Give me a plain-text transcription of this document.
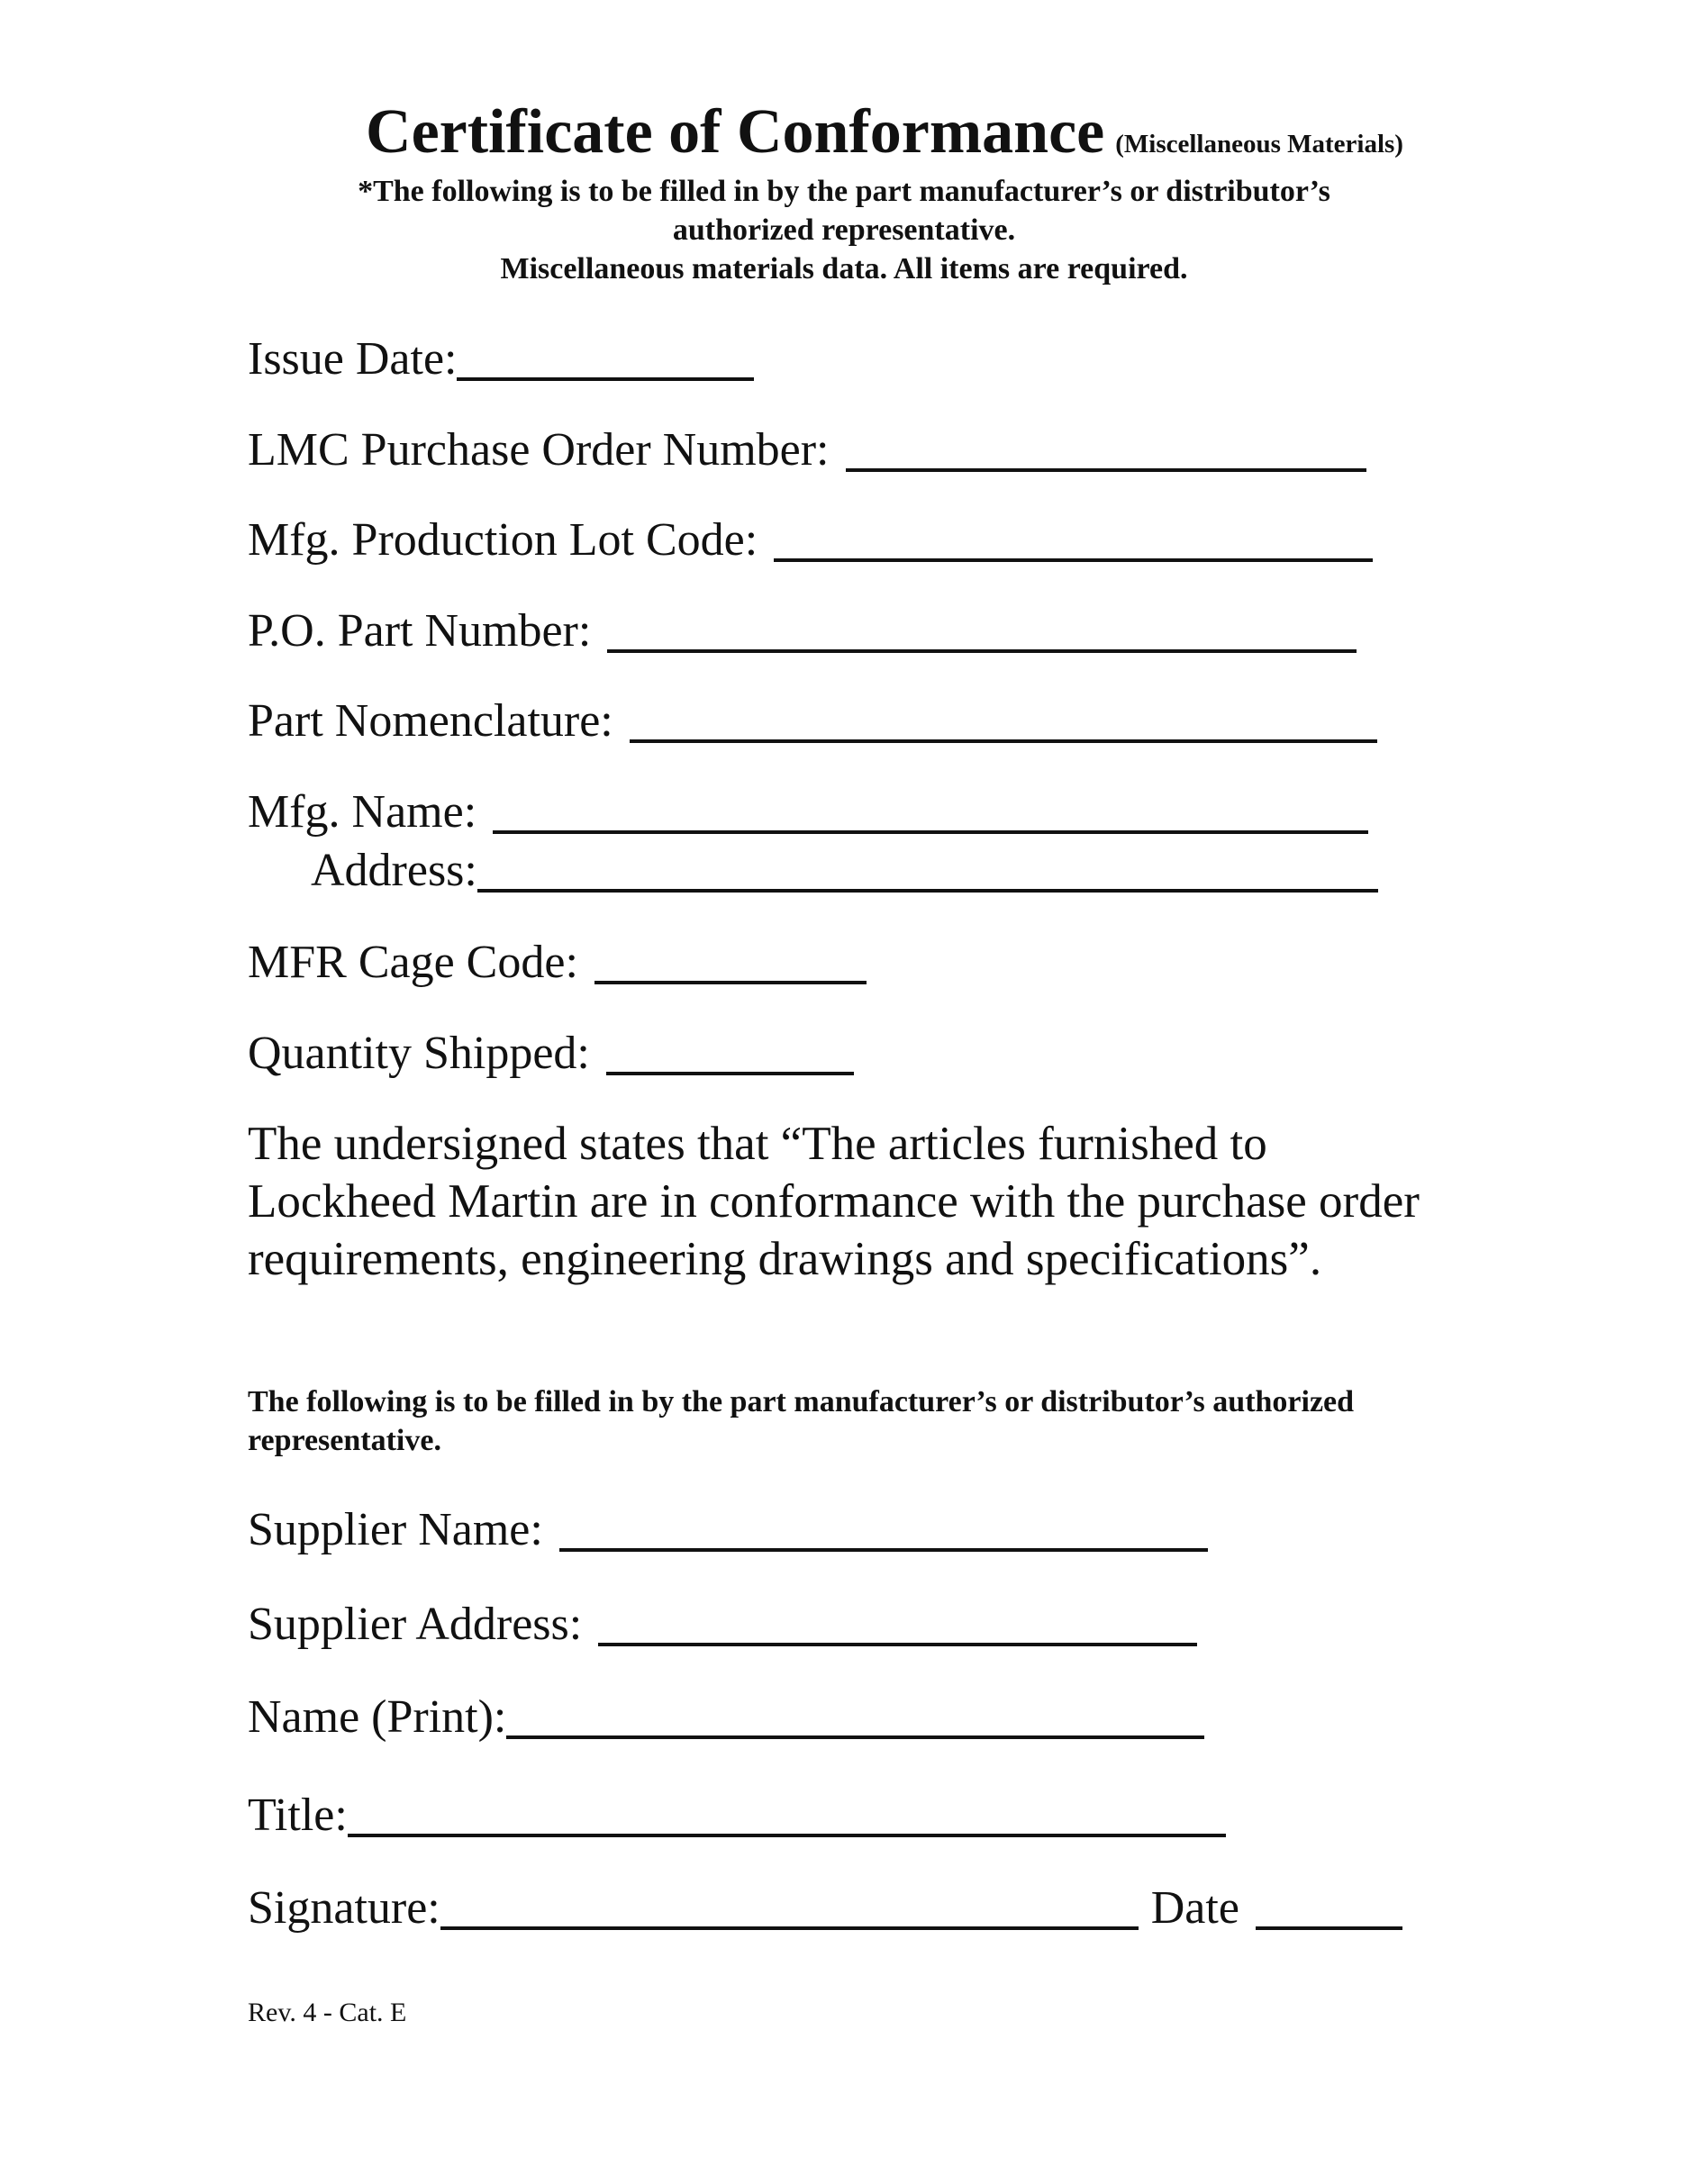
Certificate of Conformance (Miscellaneous Materials)
*The following is to be filled in by the part manufacturer’s or distributor’s
authorized representative.
Miscellaneous materials data. All items are required.
Issue Date:
LMC Purchase Order Number:
Mfg. Production Lot Code:
P.O. Part Number:
Part Nomenclature:
Mfg. Name:
Address:
MFR Cage Code:
Quantity Shipped:
The undersigned states that “The articles furnished to Lockheed Martin are in conformance with the purchase order requirements, engineering drawings and specifications”.
The following is to be filled in by the part manufacturer’s or distributor’s authorized representative.
Supplier Name:
Supplier Address:
Name (Print):
Title:
Signature:	Date
Rev. 4 - Cat. E
